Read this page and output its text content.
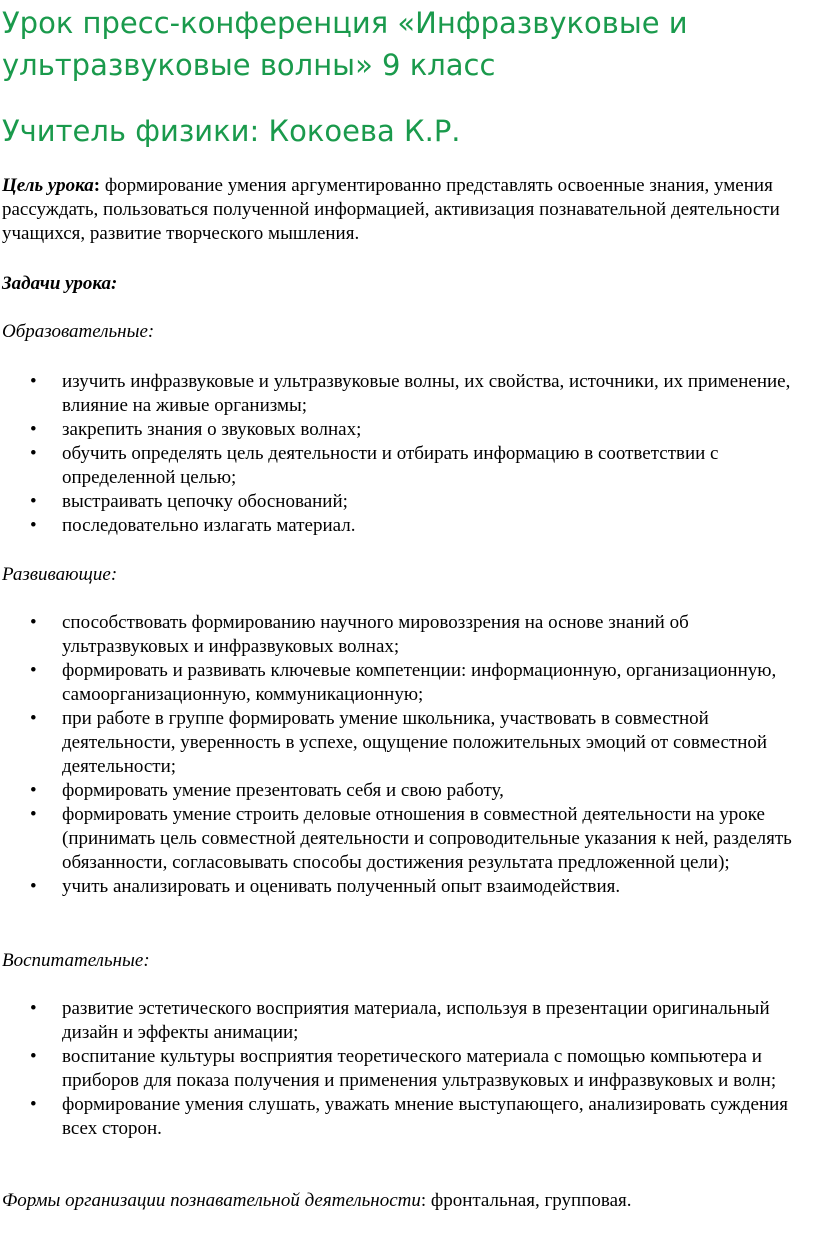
Урок пресс-конференция «Инфразвуковые и ультразвуковые волны» 9 класс
Учитель физики: Кокоева К.Р.

Цель урока: формирование умения аргументированно представлять освоенные знания, умения рассуждать, пользоваться полученной информацией, активизация познавательной деятельности учащихся, развитие творческого мышления.

Задачи урока:

Образовательные:

• изучить инфразвуковые и ультразвуковые волны, их свойства, источники, их применение, влияние на живые организмы;
• закрепить знания о звуковых волнах;
• обучить определять цель деятельности и отбирать информацию в соответствии с определенной целью;
• выстраивать цепочку обоснований;
• последовательно излагать материал.

Развивающие:

• способствовать формированию научного мировоззрения на основе знаний об ультразвуковых и инфразвуковых волнах;
• формировать и развивать ключевые компетенции: информационную, организационную, самоорганизационную, коммуникационную;
• при работе в группе формировать умение школьника, участвовать в совместной деятельности, уверенность в успехе, ощущение положительных эмоций от совместной деятельности;
• формировать умение презентовать себя и свою работу,
• формировать умение строить деловые отношения в совместной деятельности на уроке (принимать цель совместной деятельности и сопроводительные указания к ней, разделять обязанности, согласовывать способы достижения результата предложенной цели);
• учить анализировать и оценивать полученный опыт взаимодействия.

Воспитательные:

• развитие эстетического восприятия материала, используя в презентации оригинальный дизайн и эффекты анимации;
• воспитание культуры восприятия теоретического материала с помощью компьютера и приборов для показа получения и применения ультразвуковых и инфразвуковых и волн;
• формирование умения слушать, уважать мнение выступающего, анализировать суждения всех сторон.

Формы организации познавательной деятельности: фронтальная, групповая.
